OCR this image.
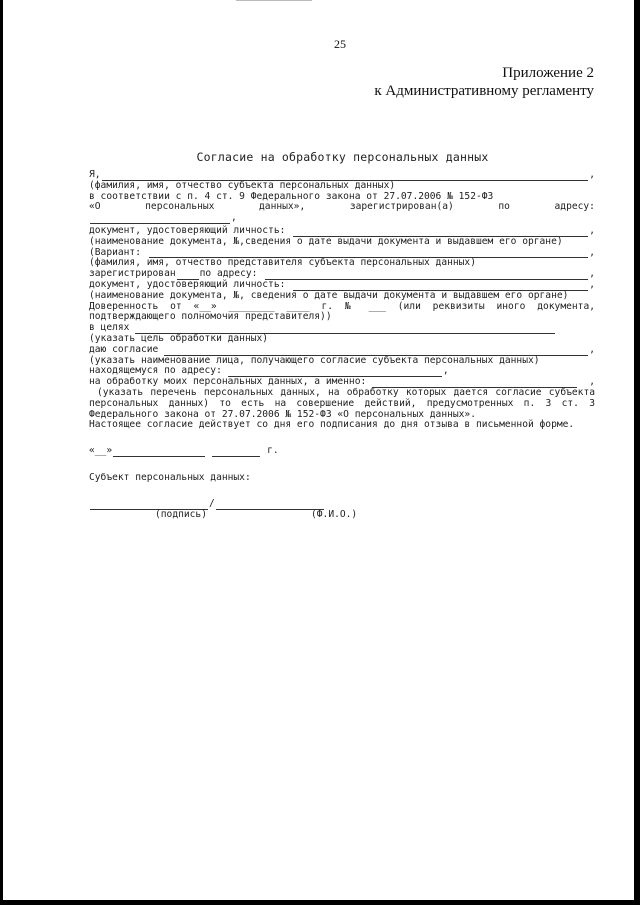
25
Приложение 2
к Административному регламенту
Согласие на обработку персональных данных
Я,	,
(фамилия, имя, отчество субъекта персональных данных)
в соответствии с п. 4 ст. 9 Федерального закона от 27.07.2006 № 152-ФЗ
«О	персональных	данных»,	зарегистрирован(а)	по	адресу:
,
документ, удостоверяющий личность:	,
(наименование документа, №,сведения о дате выдачи документа и выдавшем его органе)
(Вариант:	,
(фамилия, имя, отчество представителя субъекта персональных данных)
зарегистрирован	по адресу:	,
документ, удостоверяющий личность:	,
(наименование документа, №, сведения о дате выдачи документа и выдавшем его органе)
Доверенность от «__» ________ ____ г. № ___ (или реквизиты иного документа, подтверждающего полномочия представителя))
в целях
(указать цель обработки данных)
даю согласие	,
(указать наименование лица, получающего согласие субъекта персональных данных)
находящемуся по адресу:	,
на обработку моих персональных данных, а именно:	,
(указать перечень персональных данных, на обработку которых дается согласие субъекта персональных данных) то есть на совершение действий, предусмотренных п. 3 ст. 3 Федерального закона от 27.07.2006 № 152-ФЗ «О персональных данных».
Настоящее согласие действует со дня его подписания до дня отзыва в письменной форме.
«__»	г.
Субъект персональных данных:
/
(подпись)	(Ф.И.О.)
